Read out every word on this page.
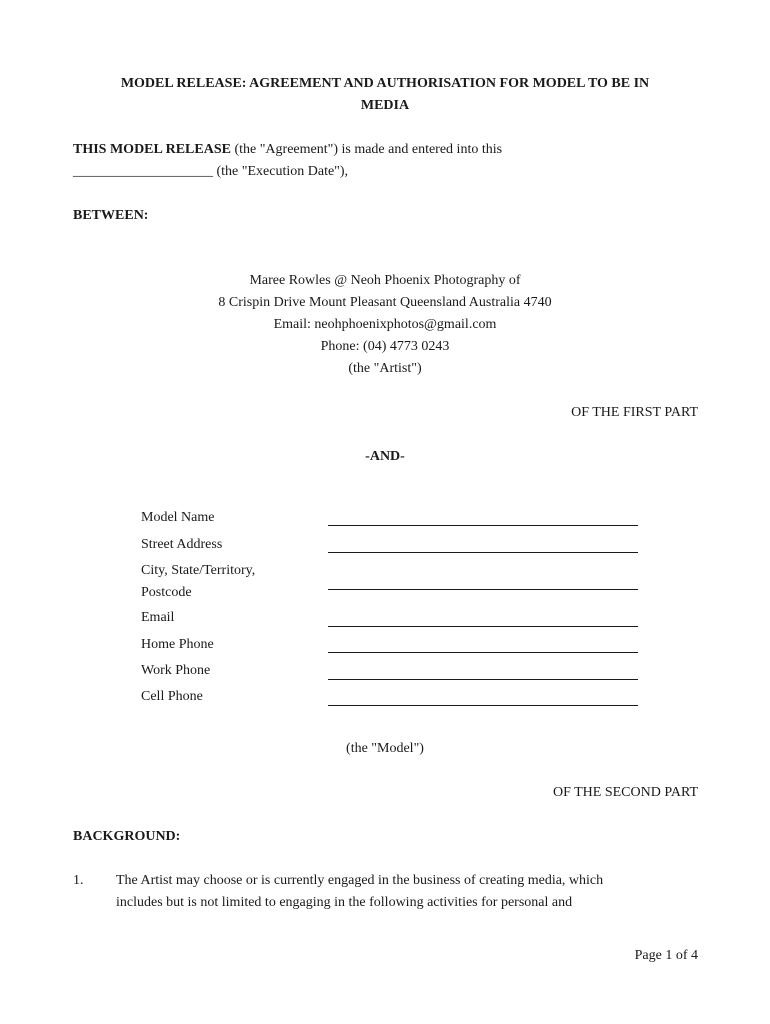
MODEL RELEASE: AGREEMENT AND AUTHORISATION FOR MODEL TO BE IN
MEDIA
THIS MODEL RELEASE (the "Agreement") is made and entered into this
____________________ (the "Execution Date"),
BETWEEN:
Maree Rowles @ Neoh Phoenix Photography of
8 Crispin Drive Mount Pleasant Queensland Australia 4740
Email: neohphoenixphotos@gmail.com
Phone: (04) 4773 0243
(the "Artist")
OF THE FIRST PART
-AND-
Model Name
Street Address
City, State/Territory,
Postcode
Email
Home Phone
Work Phone
Cell Phone
(the "Model")
OF THE SECOND PART
BACKGROUND:
1. The Artist may choose or is currently engaged in the business of creating media, which
includes but is not limited to engaging in the following activities for personal and
Page 1 of 4
